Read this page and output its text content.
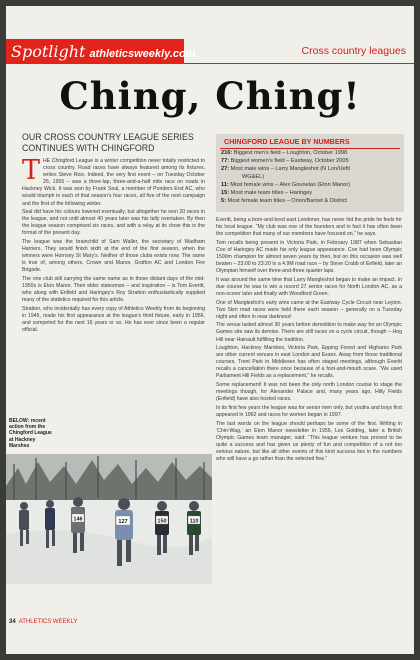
Spotlight athleticsweekly.com	Cross country leagues
Ching, Ching!
OUR CROSS COUNTRY LEAGUE SERIES CONTINUES WITH CHINGFORD

THE Chingford League is a winter competition never totally restricted to cross country. Road races have always featured among its fixtures, writes Steve Rice. Indeed, the very first event – on Tuesday October 26, 1955 – was a three-lap, three-and-a-half mile race on roads in Hackney Wick. It was won by Frank Seal, a member of Ponders End AC, who would triumph in each of that season’s four races, all five of the next campaign and the first of the following winter.

Seal did have his colours lowered eventually, but altogether he won 20 races in the league, and not until almost 40 years later was his tally overtaken. By then the league season comprised six races, and with a relay at its close this is the format of the present day.

The league was the brainchild of Sam Waller, the secretary of Wadham Harriers. They would finish sixth at the end of the first season, when the winners were Hornsey St Mary’s. Neither of those clubs exists now. The same is true of, among others, Crown and Manor, Grafton AC and London Fire Brigade.

The one club still carrying the same name as in those distant days of the mid-1950s is Eton Manor. Their elder statesman – and inspiration – is Tom Everitt, who along with Enfield and Haringey’s Roy Stratton enthusiastically supplied many of the statistics required for this article.

Stratton, who incidentally has every copy of Athletics Weekly from its beginning in 1945, made his first appearance at the league’s third fixture, early in 1956, and competed for the next 16 years or so. He has ever since been a regular official.

CHINGFORD LEAGUE BY NUMBERS
216: Biggest men’s field – Loughton, October 1998
77: Biggest women’s field – Eastway, October 2005
27: Most male wins – Larry Mangleshot (N Lon/Ueft/
WG&EL)
11: Most female wins – Alex Gounelas (Eton Manor)
15: Most male team titles – Haringey
5: Most female team titles – Orion/Barnet & District

Everitt, being a born-and-bred east Londoner, has never hid the pride he feels for his local league. “My club was one of the founders and in fact it has often been the competition that many of our members have focused on,” he says.

Tom recalls being present in Victoria Park, in February 1987 when Sebastian Coe of Haringey AC made his only league appearance. Coe had been Olympic 1500m champion for almost seven years by then, but on this occasion was well beaten – 23:00 to 23:20 in a 4.9M road race – by Steve Crabb of Enfield, later an Olympian himself over three-and-three quarter laps.

It was around the same time that Larry Mangleshot began to make an impact. In due course he was to win a record 27 senior races for North London AC, as a non-scorer later and finally with Woodford Green.

One of Mangleshot’s early wins came at the Eastway Cycle Circuit near Leyton. Two 5km road races were held there each season – generally on a Tuesday night and often in near darkness!

The venue lasted almost 30 years before demolition to make way for an Olympic Games site saw its demise. There are still races on a cycle circuit, though – Hog Hill near Hainault fulfilling the tradition.

Loughton, Hackney Marshes, Victoria Park, Epping Forest and Highams Park are other current venues in east London and Essex. Away from those traditional courses, Trent Park in Middlesex has often staged meetings, although Everitt recalls a cancellation there once because of a foot-and-mouth scare. “We used Parliament Hill Fields as a replacement,” he recalls.

Some replacement! It was not been the only north London course to stage the meetings though, for Alexander Palace and, many years ago, Hilly Fields (Enfield) have also hosted races.

In its first few years the league was for senior men only, but youths and boys first appeared in 1962 and races for women began in 1997.

The last words on the league should perhaps be some of the first. Writing in ‘Chin-Wag,’ an Eton Manor newsletter in 1956, Les Golding, later a British Olympic Games team manager, said: “This league venture has proved to be quite a success and has given us plenty of fun and competition of a not too serious nature, but like all other events of this kind success lies in the numbers who will have a go rather than the selected few.”

BELOW: recent action from the Chingford League at Hackney Marshes
146	127	150	110
34 ATHLETICS WEEKLY
